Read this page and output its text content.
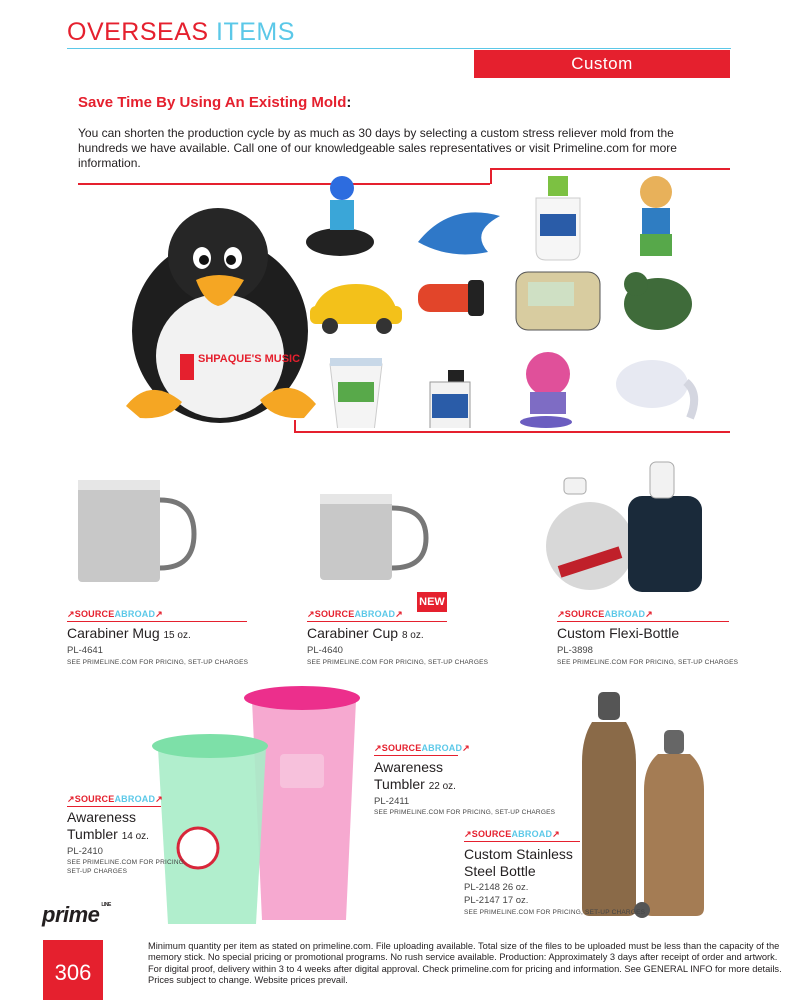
OVERSEAS ITEMS
Custom
Save Time By Using An Existing Mold:
You can shorten the production cycle by as much as 30 days by selecting a custom stress reliever mold from the hundreds we have available. Call one of our knowledgeable sales representatives or visit Primeline.com for more information.
SHPAQUE'S MUSIC
↗SOURCEABROAD↗
Carabiner Mug 15 oz.
PL-4641
SEE PRIMELINE.COM FOR PRICING, SET-UP CHARGES
NEW
↗SOURCEABROAD↗
Carabiner Cup 8 oz.
PL-4640
SEE PRIMELINE.COM FOR PRICING, SET-UP CHARGES
↗SOURCEABROAD↗
Custom Flexi-Bottle
PL-3898
SEE PRIMELINE.COM FOR PRICING, SET-UP CHARGES
↗SOURCEABROAD↗
Awareness
Tumbler 14 oz.
PL-2410
SEE PRIMELINE.COM FOR PRICING,
SET-UP CHARGES
↗SOURCEABROAD↗
Awareness
Tumbler 22 oz.
PL-2411
SEE PRIMELINE.COM FOR PRICING, SET-UP CHARGES
↗SOURCEABROAD↗
Custom Stainless
Steel Bottle
PL-2148 26 oz.
PL-2147 17 oz.
SEE PRIMELINE.COM FOR PRICING, SET-UP CHARGES
prime $^{LINE}$
306
Minimum quantity per item as stated on primeline.com. File uploading available. Total size of the files to be uploaded must be less than the capacity of the memory stick. No special pricing or promotional programs. No rush service available. Production: Approximately 3 days after receipt of order and artwork. For digital proof, delivery within 3 to 4 weeks after digital approval. Check primeline.com for pricing and information. See GENERAL INFO for more details. Prices subject to change. Website prices prevail.
